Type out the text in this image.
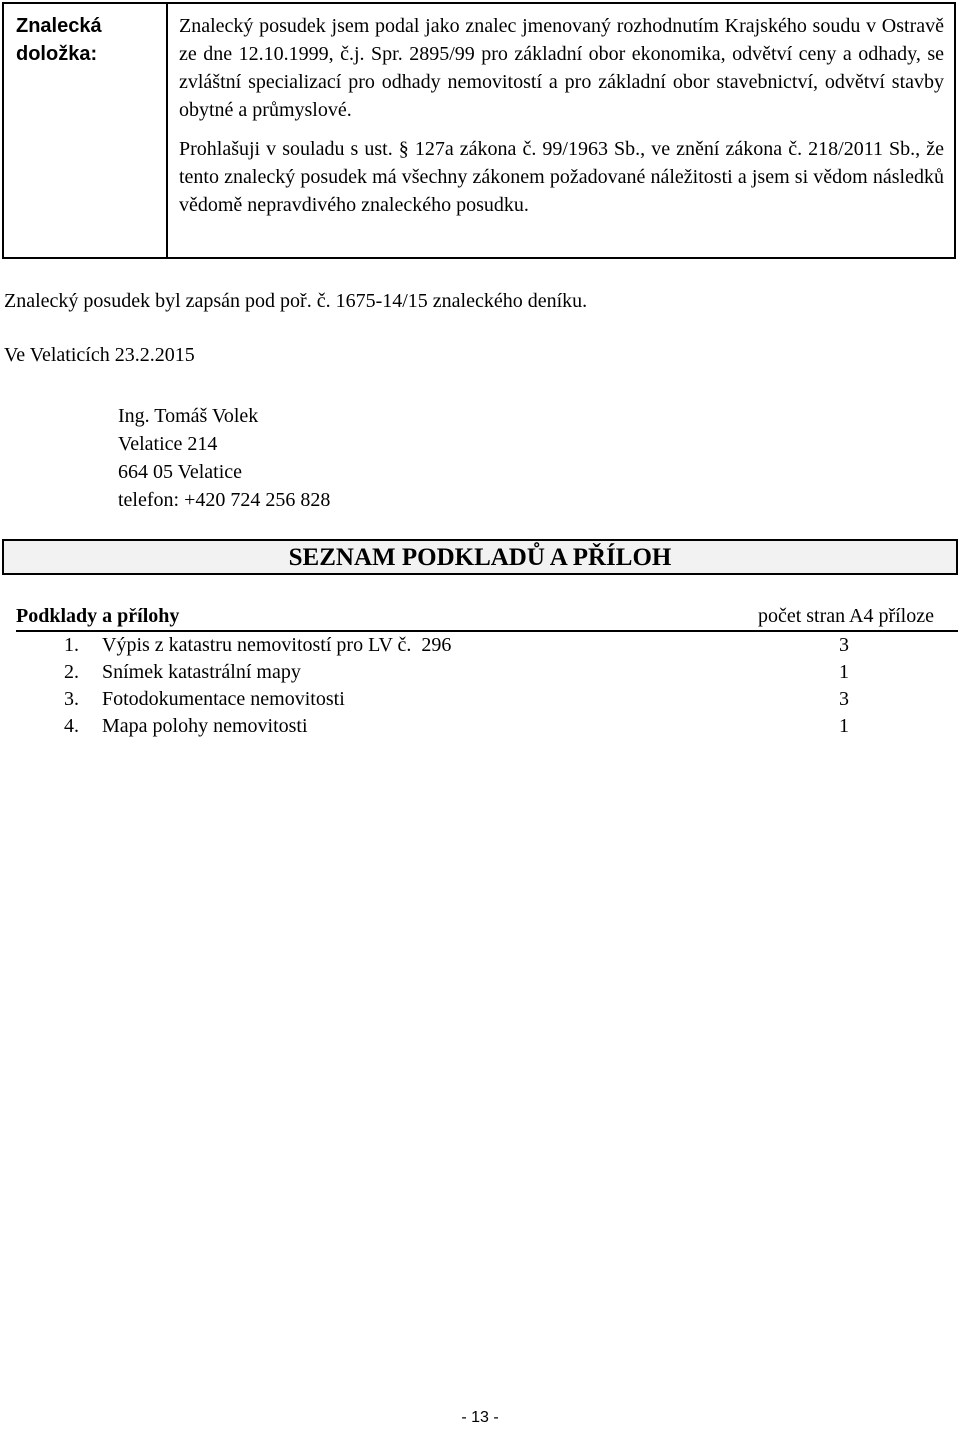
Znalecká
doložka:

Znalecký posudek jsem podal jako znalec jmenovaný rozhodnutím Krajského soudu v Ostravě ze dne 12.10.1999, č.j. Spr. 2895/99 pro základní obor ekonomika, odvětví ceny a odhady, se zvláštní specializací pro odhady nemovitostí a pro základní obor stavebnictví, odvětví stavby obytné a průmyslové.

Prohlašuji v souladu s ust. § 127a zákona č. 99/1963 Sb., ve znění zákona č. 218/2011 Sb., že tento znalecký posudek má všechny zákonem požadované náležitosti a jsem si vědom následků vědomě nepravdivého znaleckého posudku.

Znalecký posudek byl zapsán pod poř. č. 1675-14/15 znaleckého deníku.
Ve Velaticích 23.2.2015
Ing. Tomáš Volek
Velatice 214
664 05 Velatice
telefon: +420 724 256 828
SEZNAM PODKLADŮ A PŘÍLOH
Podklady a přílohy	počet stran A4 příloze
1. Výpis z katastru nemovitostí pro LV č.  296	3
2. Snímek katastrální mapy	1
3. Fotodokumentace nemovitosti	3
4. Mapa polohy nemovitosti	1
- 13 -
